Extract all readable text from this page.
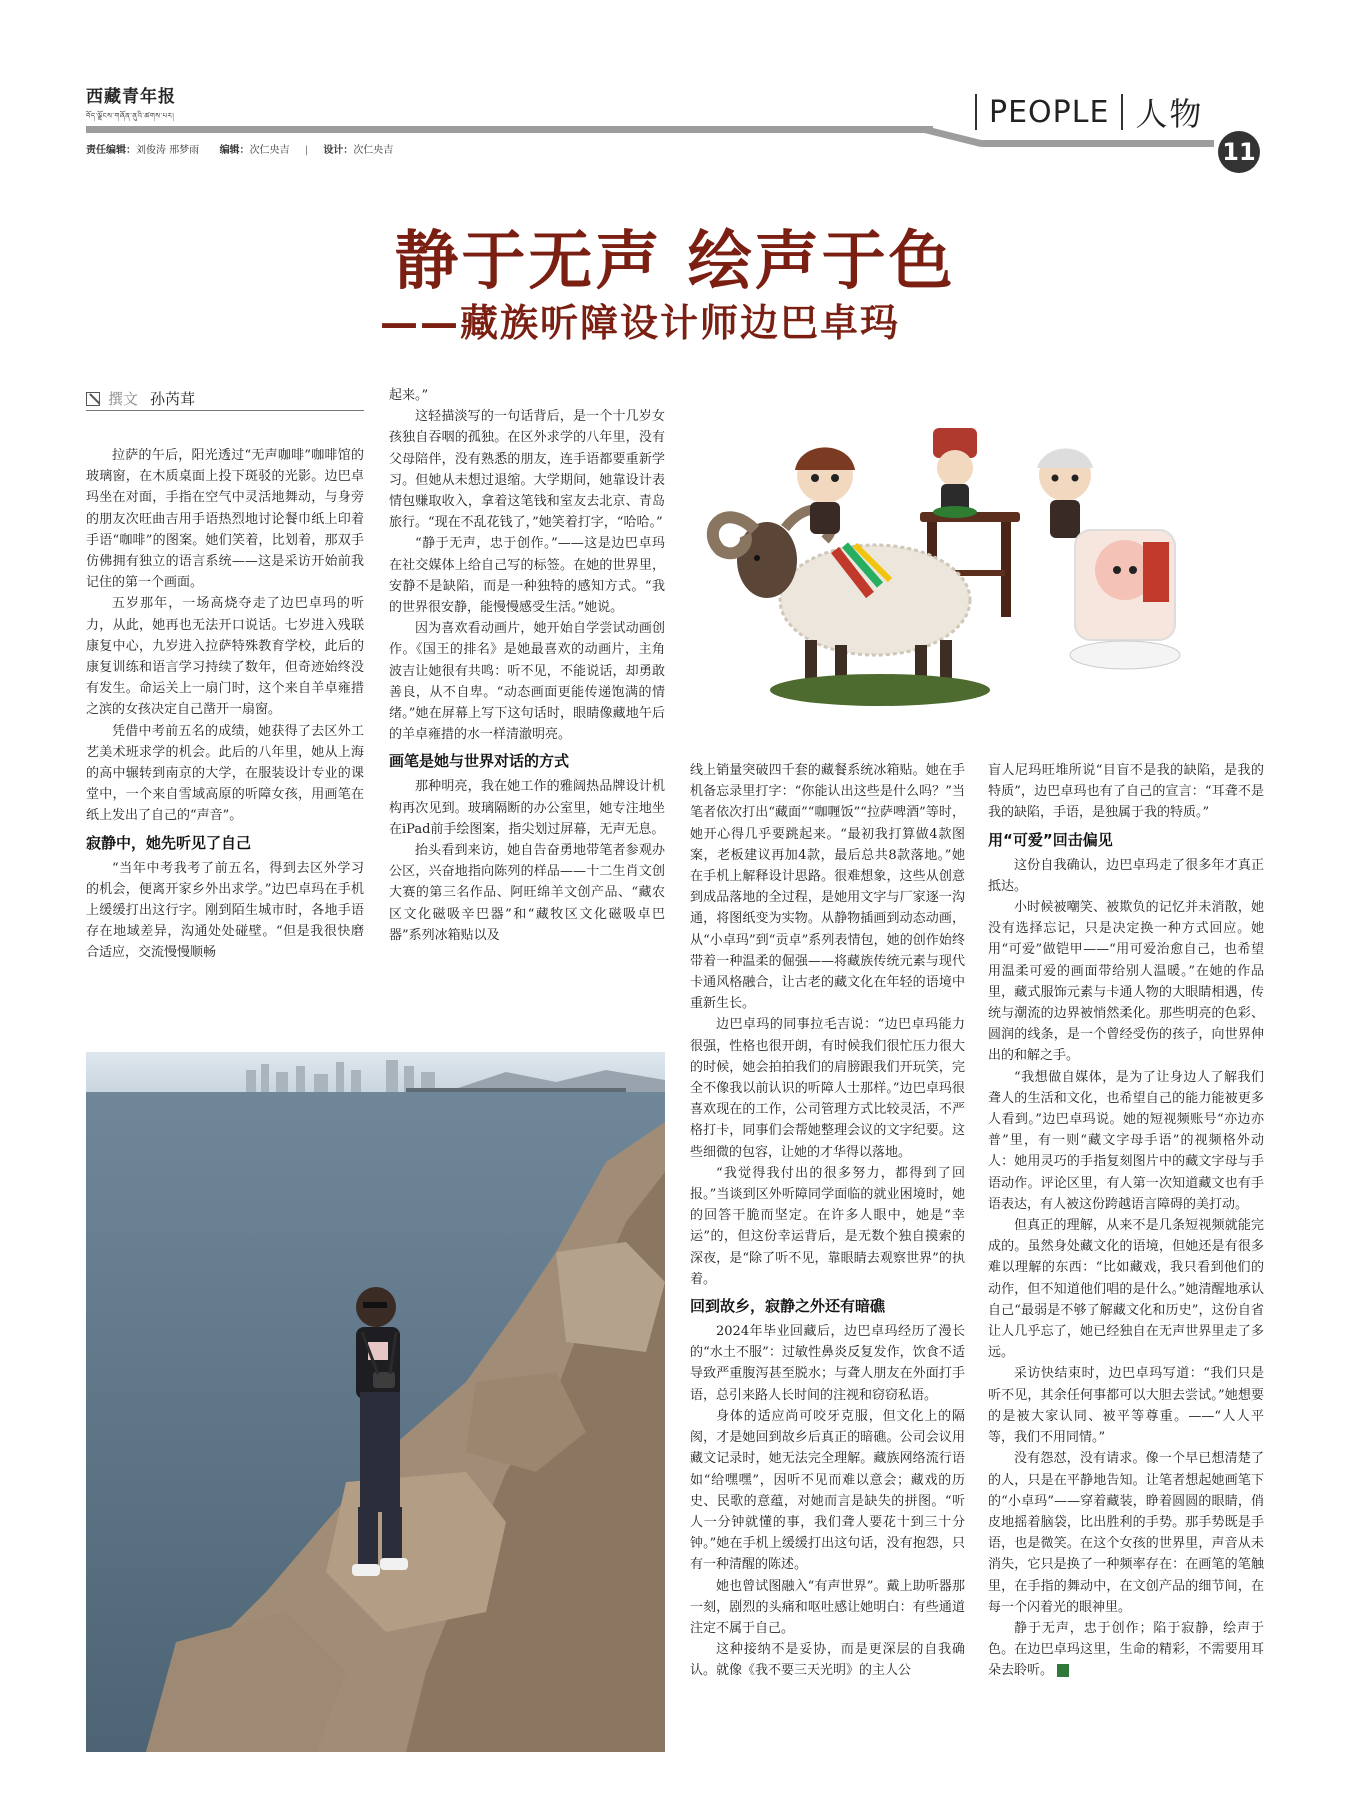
西藏青年报
བོད་ལྗོངས་གཞོན་ནུའི་ཚགས་པར།	PEOPLE 人物
11
责任编辑：刘俊涛 邢梦雨 编辑：次仁央吉 | 设计：次仁央吉
静于无声 绘声于色
——藏族听障设计师边巴卓玛
撰文 孙芮茸

拉萨的午后，阳光透过“无声咖啡”咖啡馆的玻璃窗，在木质桌面上投下斑驳的光影。边巴卓玛坐在对面，手指在空气中灵活地舞动，与身旁的朋友次旺曲吉用手语热烈地讨论餐巾纸上印着手语“咖啡”的图案。她们笑着，比划着，那双手仿佛拥有独立的语言系统——这是采访开始前我记住的第一个画面。

五岁那年，一场高烧夺走了边巴卓玛的听力，从此，她再也无法开口说话。七岁进入残联康复中心，九岁进入拉萨特殊教育学校，此后的康复训练和语言学习持续了数年，但奇迹始终没有发生。命运关上一扇门时，这个来自羊卓雍措之滨的女孩决定自己凿开一扇窗。

凭借中考前五名的成绩，她获得了去区外工艺美术班求学的机会。此后的八年里，她从上海的高中辗转到南京的大学，在服装设计专业的课堂中，一个来自雪域高原的听障女孩，用画笔在纸上发出了自己的“声音”。

寂静中，她先听见了自己

“当年中考我考了前五名，得到去区外学习的机会，便离开家乡外出求学。”边巴卓玛在手机上缓缓打出这行字。刚到陌生城市时，各地手语存在地域差异，沟通处处碰壁。“但是我很快磨合适应，交流慢慢顺畅

起来。”

这轻描淡写的一句话背后，是一个十几岁女孩独自吞咽的孤独。在区外求学的八年里，没有父母陪伴，没有熟悉的朋友，连手语都要重新学习。但她从未想过退缩。大学期间，她靠设计表情包赚取收入，拿着这笔钱和室友去北京、青岛旅行。“现在不乱花钱了，”她笑着打字，“哈哈。”

“静于无声，忠于创作。”——这是边巴卓玛在社交媒体上给自己写的标签。在她的世界里，安静不是缺陷，而是一种独特的感知方式。“我的世界很安静，能慢慢感受生活。”她说。

因为喜欢看动画片，她开始自学尝试动画创作。《国王的排名》是她最喜欢的动画片，主角波吉让她很有共鸣：听不见，不能说话，却勇敢善良，从不自卑。“动态画面更能传递饱满的情绪。”她在屏幕上写下这句话时，眼睛像藏地午后的羊卓雍措的水一样清澈明亮。

画笔是她与世界对话的方式

那种明亮，我在她工作的雅阔热品牌设计机构再次见到。玻璃隔断的办公室里，她专注地坐在iPad前手绘图案，指尖划过屏幕，无声无息。

抬头看到来访，她自告奋勇地带笔者参观办公区，兴奋地指向陈列的样品——十二生肖文创大赛的第三名作品、阿旺绵羊文创产品、“藏农区文化磁吸辛巴器”和“藏牧区文化磁吸卓巴器”系列冰箱贴以及

线上销量突破四千套的藏餐系统冰箱贴。她在手机备忘录里打字：“你能认出这些是什么吗？”当笔者依次打出“藏面”“咖喱饭”“拉萨啤酒”等时，她开心得几乎要跳起来。“最初我打算做4款图案，老板建议再加4款，最后总共8款落地。”她在手机上解释设计思路。很难想象，这些从创意到成品落地的全过程，是她用文字与厂家逐一沟通，将图纸变为实物。从静物插画到动态动画，从“小卓玛”到“贡卓”系列表情包，她的创作始终带着一种温柔的倔强——将藏族传统元素与现代卡通风格融合，让古老的藏文化在年轻的语境中重新生长。

边巴卓玛的同事拉毛吉说：“边巴卓玛能力很强，性格也很开朗，有时候我们很忙压力很大的时候，她会拍拍我们的肩膀跟我们开玩笑，完全不像我以前认识的听障人士那样。”边巴卓玛很喜欢现在的工作，公司管理方式比较灵活，不严格打卡，同事们会帮她整理会议的文字纪要。这些细微的包容，让她的才华得以落地。

“我觉得我付出的很多努力，都得到了回报。”当谈到区外听障同学面临的就业困境时，她的回答干脆而坚定。在许多人眼中，她是“幸运”的，但这份幸运背后，是无数个独自摸索的深夜，是“除了听不见，靠眼睛去观察世界”的执着。

回到故乡，寂静之外还有暗礁

2024年毕业回藏后，边巴卓玛经历了漫长的“水土不服”：过敏性鼻炎反复发作，饮食不适导致严重腹泻甚至脱水；与聋人朋友在外面打手语，总引来路人长时间的注视和窃窃私语。

身体的适应尚可咬牙克服，但文化上的隔阂，才是她回到故乡后真正的暗礁。公司会议用藏文记录时，她无法完全理解。藏族网络流行语如“给嘿嘿”，因听不见而难以意会；藏戏的历史、民歌的意蕴，对她而言是缺失的拼图。“听人一分钟就懂的事，我们聋人要花十到三十分钟。”她在手机上缓缓打出这句话，没有抱怨，只有一种清醒的陈述。

她也曾试图融入“有声世界”。戴上助听器那一刻，剧烈的头痛和呕吐感让她明白：有些通道注定不属于自己。

这种接纳不是妥协，而是更深层的自我确认。就像《我不要三天光明》的主人公

盲人尼玛旺堆所说“目盲不是我的缺陷，是我的特质”，边巴卓玛也有了自己的宣言：“耳聋不是我的缺陷，手语，是独属于我的特质。”

用“可爱”回击偏见

这份自我确认，边巴卓玛走了很多年才真正抵达。

小时候被嘲笑、被欺负的记忆并未消散，她没有选择忘记，只是决定换一种方式回应。她用“可爱”做铠甲——“用可爱治愈自己，也希望用温柔可爱的画面带给别人温暖。”在她的作品里，藏式服饰元素与卡通人物的大眼睛相遇，传统与潮流的边界被悄然柔化。那些明亮的色彩、圆润的线条，是一个曾经受伤的孩子，向世界伸出的和解之手。

“我想做自媒体，是为了让身边人了解我们聋人的生活和文化，也希望自己的能力能被更多人看到。”边巴卓玛说。她的短视频账号“亦边亦普”里，有一则“藏文字母手语”的视频格外动人：她用灵巧的手指复刻图片中的藏文字母与手语动作。评论区里，有人第一次知道藏文也有手语表达，有人被这份跨越语言障碍的美打动。

但真正的理解，从来不是几条短视频就能完成的。虽然身处藏文化的语境，但她还是有很多难以理解的东西：“比如藏戏，我只看到他们的动作，但不知道他们唱的是什么。”她清醒地承认自己“最弱是不够了解藏文化和历史”，这份自省让人几乎忘了，她已经独自在无声世界里走了多远。

采访快结束时，边巴卓玛写道：“我们只是听不见，其余任何事都可以大胆去尝试。”她想要的是被大家认同、被平等尊重。——“人人平等，我们不用同情。”

没有怨怼，没有请求。像一个早已想清楚了的人，只是在平静地告知。让笔者想起她画笔下的“小卓玛”——穿着藏装，睁着圆圆的眼睛，俏皮地摇着脑袋，比出胜利的手势。那手势既是手语，也是微笑。在这个女孩的世界里，声音从未消失，它只是换了一种频率存在：在画笔的笔触里，在手指的舞动中，在文创产品的细节间，在每一个闪着光的眼神里。

静于无声，忠于创作；陷于寂静，绘声于色。在边巴卓玛这里，生命的精彩，不需要用耳朵去聆听。
